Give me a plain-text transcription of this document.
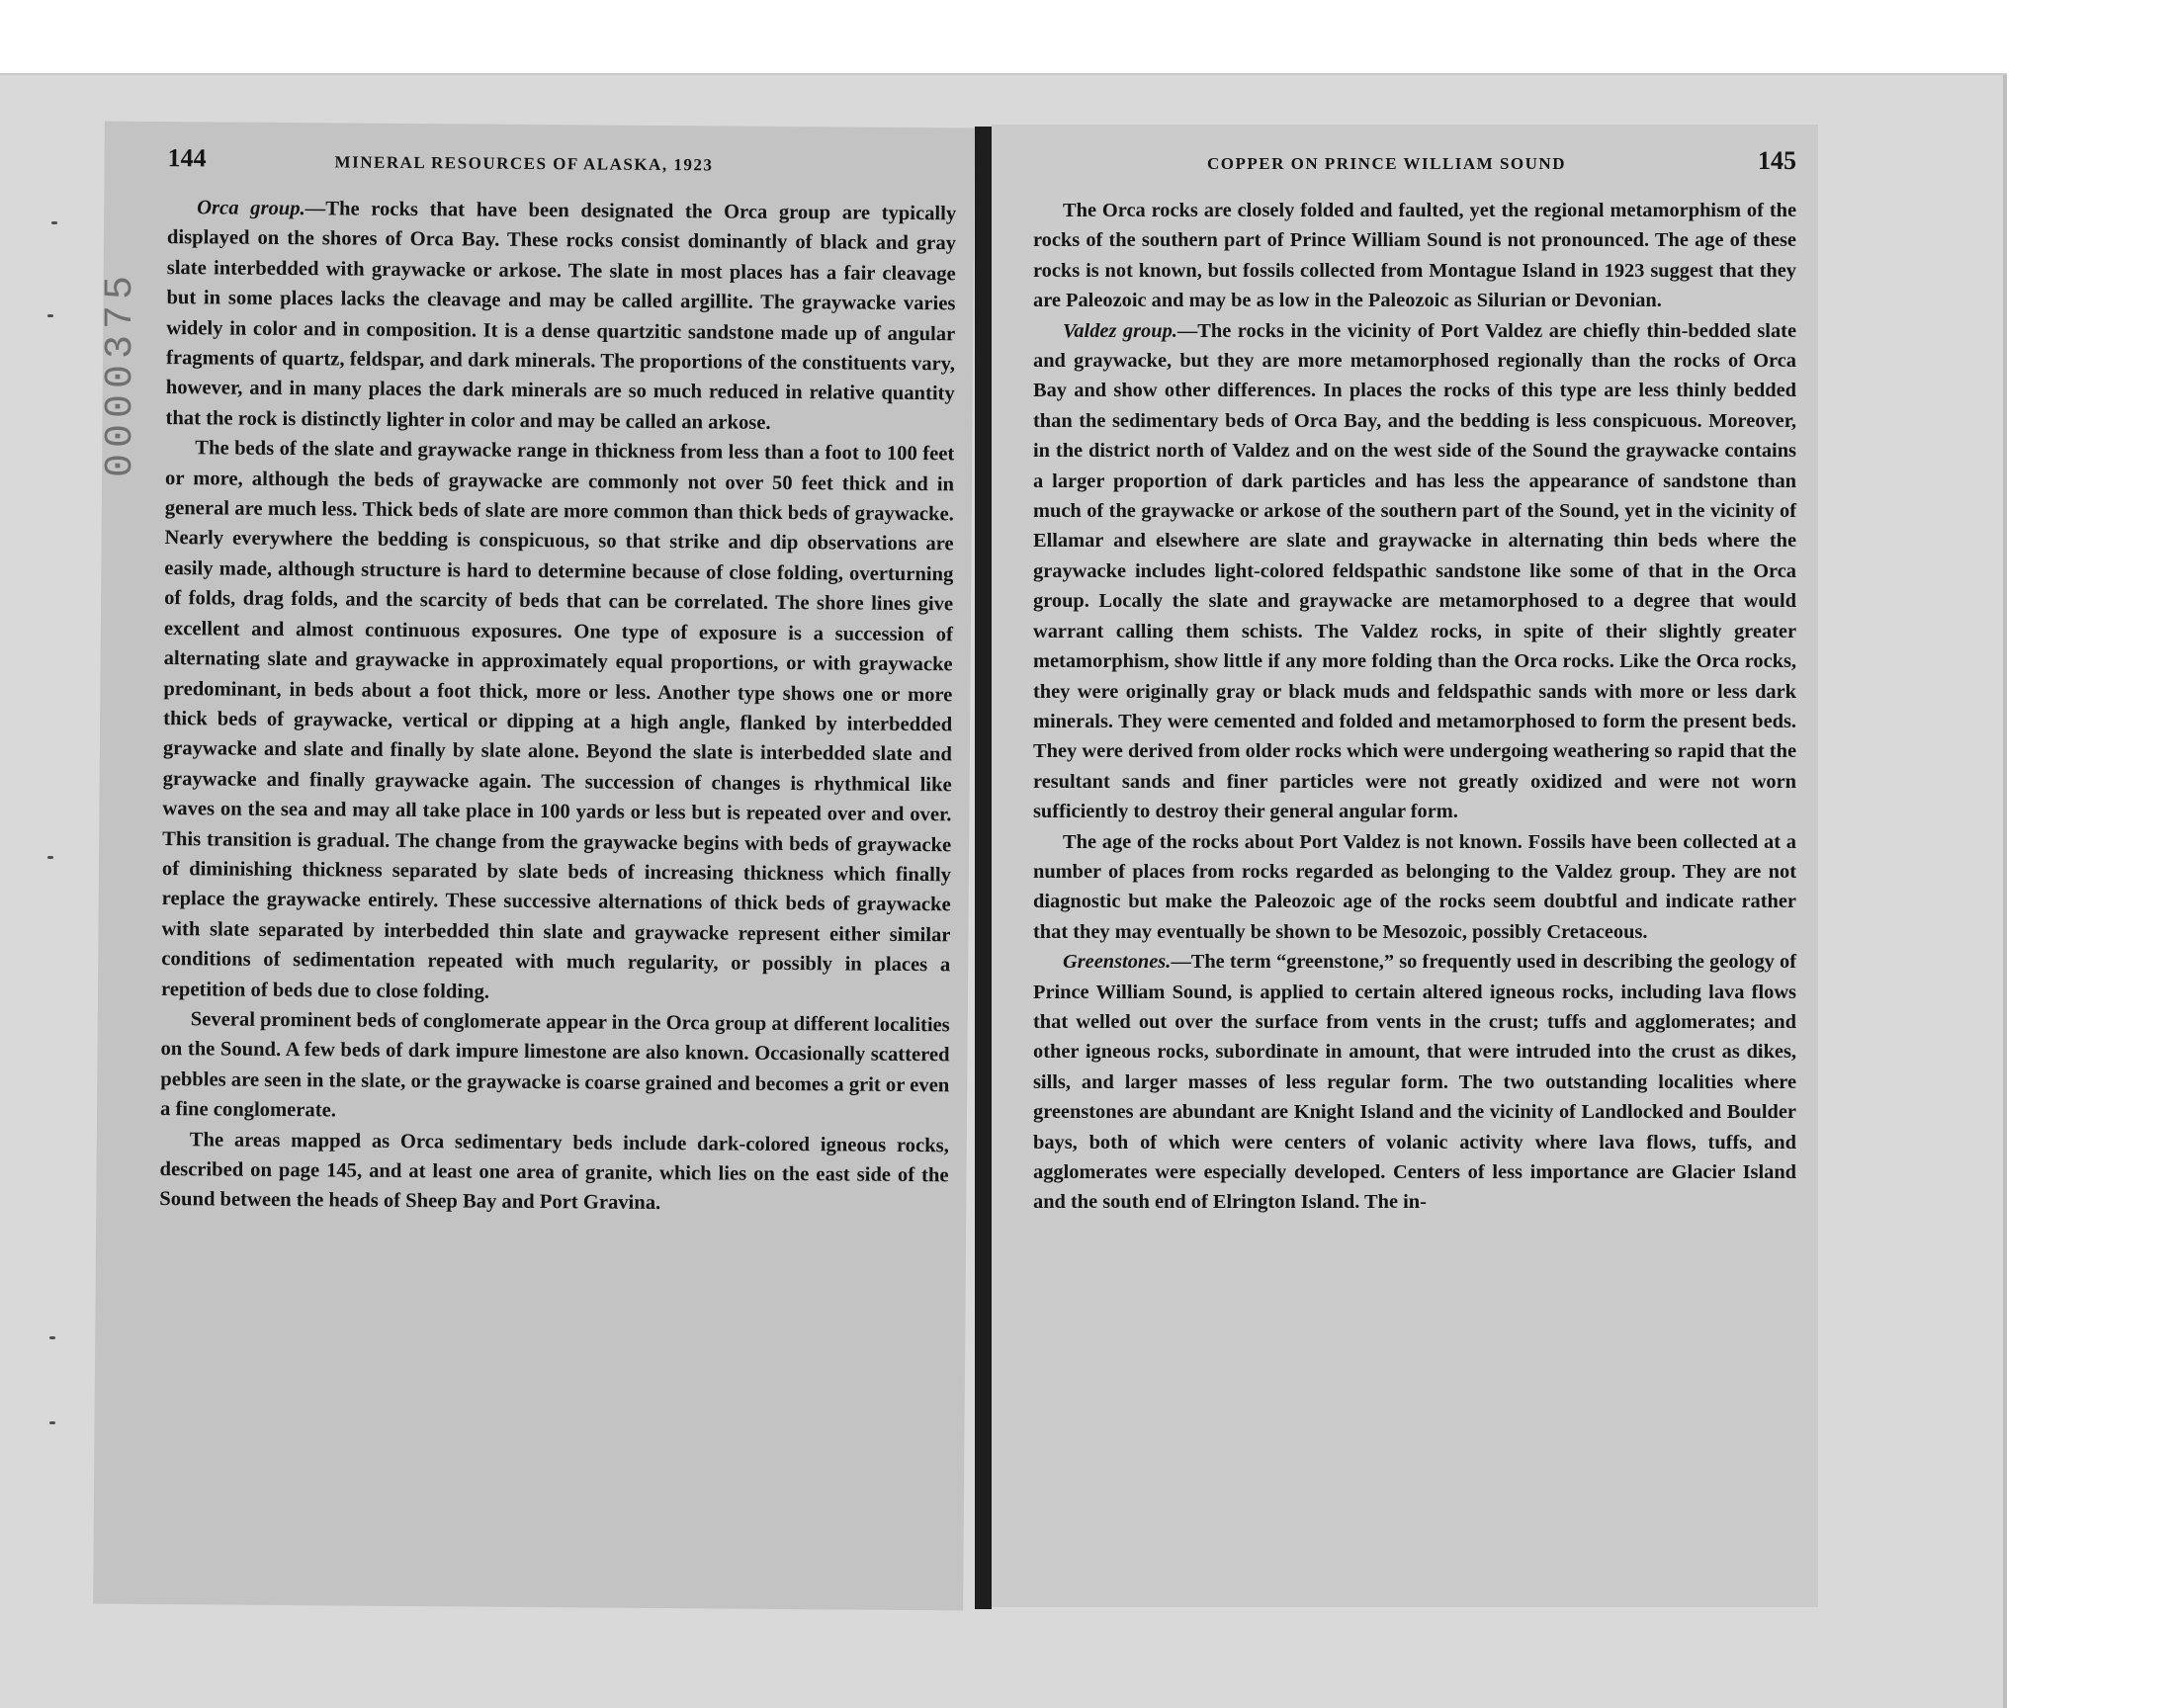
144	MINERAL RESOURCES OF ALASKA, 1923

Orca group.—The rocks that have been designated the Orca group are typically displayed on the shores of Orca Bay. These rocks consist dominantly of black and gray slate interbedded with graywacke or arkose. The slate in most places has a fair cleavage but in some places lacks the cleavage and may be called argillite. The graywacke varies widely in color and in composition. It is a dense quartzitic sandstone made up of angular fragments of quartz, feldspar, and dark minerals. The proportions of the constituents vary, however, and in many places the dark minerals are so much reduced in relative quantity that the rock is distinctly lighter in color and may be called an arkose.

The beds of the slate and graywacke range in thickness from less than a foot to 100 feet or more, although the beds of graywacke are commonly not over 50 feet thick and in general are much less. Thick beds of slate are more common than thick beds of graywacke. Nearly everywhere the bedding is conspicuous, so that strike and dip observations are easily made, although structure is hard to determine because of close folding, overturning of folds, drag folds, and the scarcity of beds that can be correlated. The shore lines give excellent and almost continuous exposures. One type of exposure is a succession of alternating slate and graywacke in approximately equal proportions, or with graywacke predominant, in beds about a foot thick, more or less. Another type shows one or more thick beds of graywacke, vertical or dipping at a high angle, flanked by interbedded graywacke and slate and finally by slate alone. Beyond the slate is interbedded slate and graywacke and finally graywacke again. The succession of changes is rhythmical like waves on the sea and may all take place in 100 yards or less but is repeated over and over. This transition is gradual. The change from the graywacke begins with beds of graywacke of diminishing thickness separated by slate beds of increasing thickness which finally replace the graywacke entirely. These successive alternations of thick beds of graywacke with slate separated by interbedded thin slate and graywacke represent either similar conditions of sedimentation repeated with much regularity, or possibly in places a repetition of beds due to close folding.

Several prominent beds of conglomerate appear in the Orca group at different localities on the Sound. A few beds of dark impure limestone are also known. Occasionally scattered pebbles are seen in the slate, or the graywacke is coarse grained and becomes a grit or even a fine conglomerate.

The areas mapped as Orca sedimentary beds include dark-colored igneous rocks, described on page 145, and at least one area of granite, which lies on the east side of the Sound between the heads of Sheep Bay and Port Gravina.

0000375
COPPER ON PRINCE WILLIAM SOUND	145

The Orca rocks are closely folded and faulted, yet the regional metamorphism of the rocks of the southern part of Prince William Sound is not pronounced. The age of these rocks is not known, but fossils collected from Montague Island in 1923 suggest that they are Paleozoic and may be as low in the Paleozoic as Silurian or Devonian.

Valdez group.—The rocks in the vicinity of Port Valdez are chiefly thin-bedded slate and graywacke, but they are more metamorphosed regionally than the rocks of Orca Bay and show other differences. In places the rocks of this type are less thinly bedded than the sedimentary beds of Orca Bay, and the bedding is less conspicuous. Moreover, in the district north of Valdez and on the west side of the Sound the graywacke contains a larger proportion of dark particles and has less the appearance of sandstone than much of the graywacke or arkose of the southern part of the Sound, yet in the vicinity of Ellamar and elsewhere are slate and graywacke in alternating thin beds where the graywacke includes light-colored feldspathic sandstone like some of that in the Orca group. Locally the slate and graywacke are metamorphosed to a degree that would warrant calling them schists. The Valdez rocks, in spite of their slightly greater metamorphism, show little if any more folding than the Orca rocks. Like the Orca rocks, they were originally gray or black muds and feldspathic sands with more or less dark minerals. They were cemented and folded and metamorphosed to form the present beds. They were derived from older rocks which were undergoing weathering so rapid that the resultant sands and finer particles were not greatly oxidized and were not worn sufficiently to destroy their general angular form.

The age of the rocks about Port Valdez is not known. Fossils have been collected at a number of places from rocks regarded as belonging to the Valdez group. They are not diagnostic but make the Paleozoic age of the rocks seem doubtful and indicate rather that they may eventually be shown to be Mesozoic, possibly Cretaceous.

Greenstones.—The term “greenstone,” so frequently used in describing the geology of Prince William Sound, is applied to certain altered igneous rocks, including lava flows that welled out over the surface from vents in the crust; tuffs and agglomerates; and other igneous rocks, subordinate in amount, that were intruded into the crust as dikes, sills, and larger masses of less regular form. The two outstanding localities where greenstones are abundant are Knight Island and the vicinity of Landlocked and Boulder bays, both of which were centers of volanic activity where lava flows, tuffs, and agglomerates were especially developed. Centers of less importance are Glacier Island and the south end of Elrington Island. The in-
